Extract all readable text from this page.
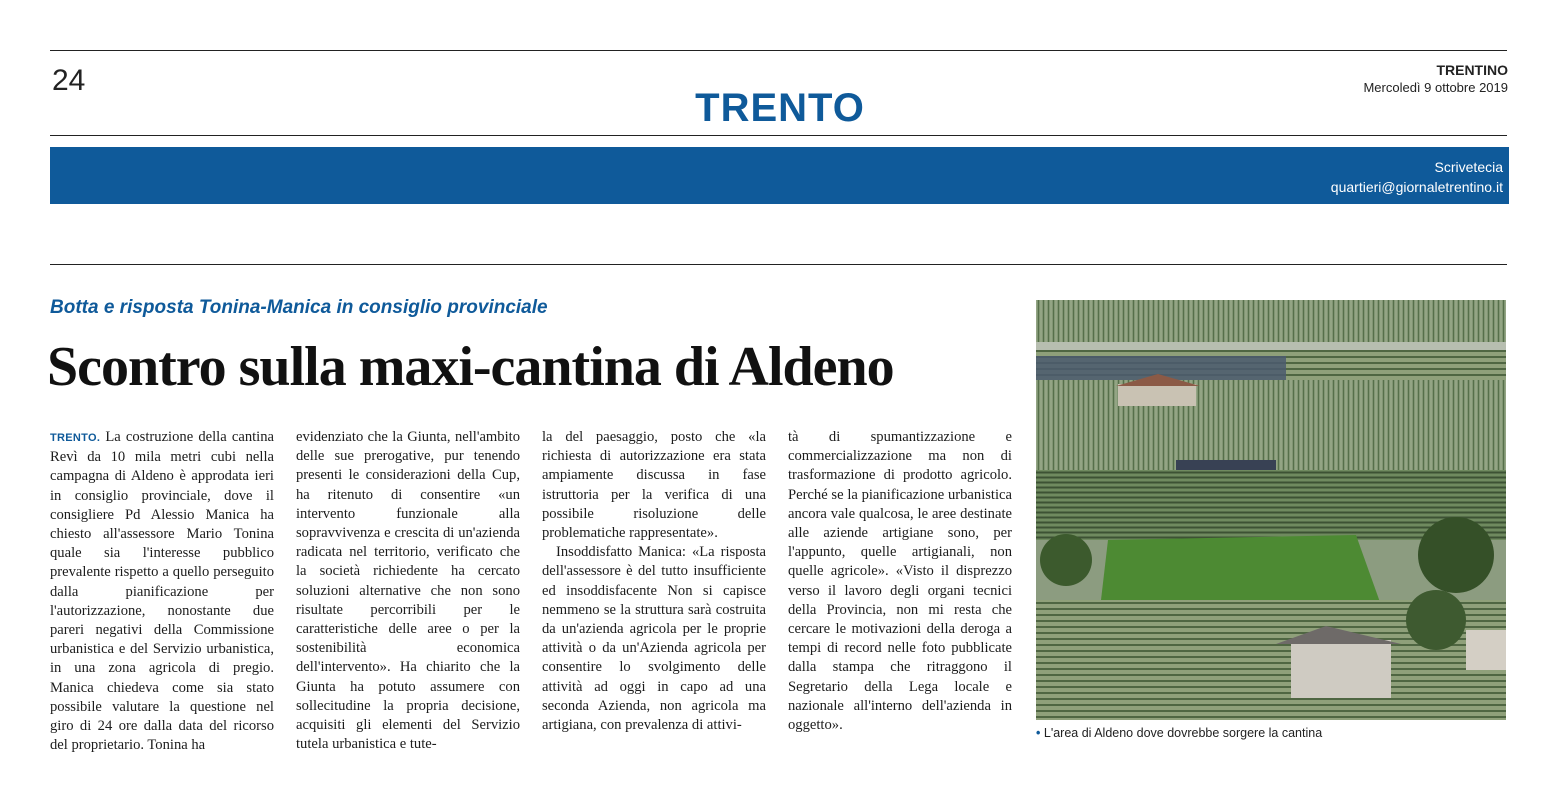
24
TRENTO
TRENTINO
Mercoledì 9 ottobre 2019
Scrivetecia
quartieri@giornaletrentino.it
Botta e risposta Tonina-Manica in consiglio provinciale
Scontro sulla maxi-cantina di Aldeno

TRENTO. La costruzione della cantina Revì da 10 mila metri cubi nella campagna di Aldeno è approdata ieri in consiglio provinciale, dove il consigliere Pd Alessio Manica ha chiesto all'assessore Mario Tonina quale sia l'interesse pubblico prevalente rispetto a quello perseguito dalla pianificazione per l'autorizzazione, nonostante due pareri negativi della Commissione urbanistica e del Servizio urbanistica, in una zona agricola di pregio. Manica chiedeva come sia stato possibile valutare la questione nel giro di 24 ore dalla data del ricorso del proprietario. Tonina ha

evidenziato che la Giunta, nell'ambito delle sue prerogative, pur tenendo presenti le considerazioni della Cup, ha ritenuto di consentire «un intervento funzionale alla sopravvivenza e crescita di un'azienda radicata nel territorio, verificato che la società richiedente ha cercato soluzioni alternative che non sono risultate percorribili per le caratteristiche delle aree o per la sostenibilità economica dell'intervento». Ha chiarito che la Giunta ha potuto assumere con sollecitudine la propria decisione, acquisiti gli elementi del Servizio tutela urbanistica e tute-

la del paesaggio, posto che «la richiesta di autorizzazione era stata ampiamente discussa in fase istruttoria per la verifica di una possibile risoluzione delle problematiche rappresentate».

Insoddisfatto Manica: «La risposta dell'assessore è del tutto insufficiente ed insoddisfacente Non si capisce nemmeno se la struttura sarà costruita da un'azienda agricola per le proprie attività o da un'Azienda agricola per consentire lo svolgimento delle attività ad oggi in capo ad una seconda Azienda, non agricola ma artigiana, con prevalenza di attivi-

tà di spumantizzazione e commercializzazione ma non di trasformazione di prodotto agricolo. Perché se la pianificazione urbanistica ancora vale qualcosa, le aree destinate alle aziende artigiane sono, per l'appunto, quelle artigianali, non quelle agricole». «Visto il disprezzo verso il lavoro degli organi tecnici della Provincia, non mi resta che cercare le motivazioni della deroga a tempi di record nelle foto pubblicate dalla stampa che ritraggono il Segretario della Lega locale e nazionale all'interno dell'azienda in oggetto».	• L'area di Aldeno dove dovrebbe sorgere la cantina
